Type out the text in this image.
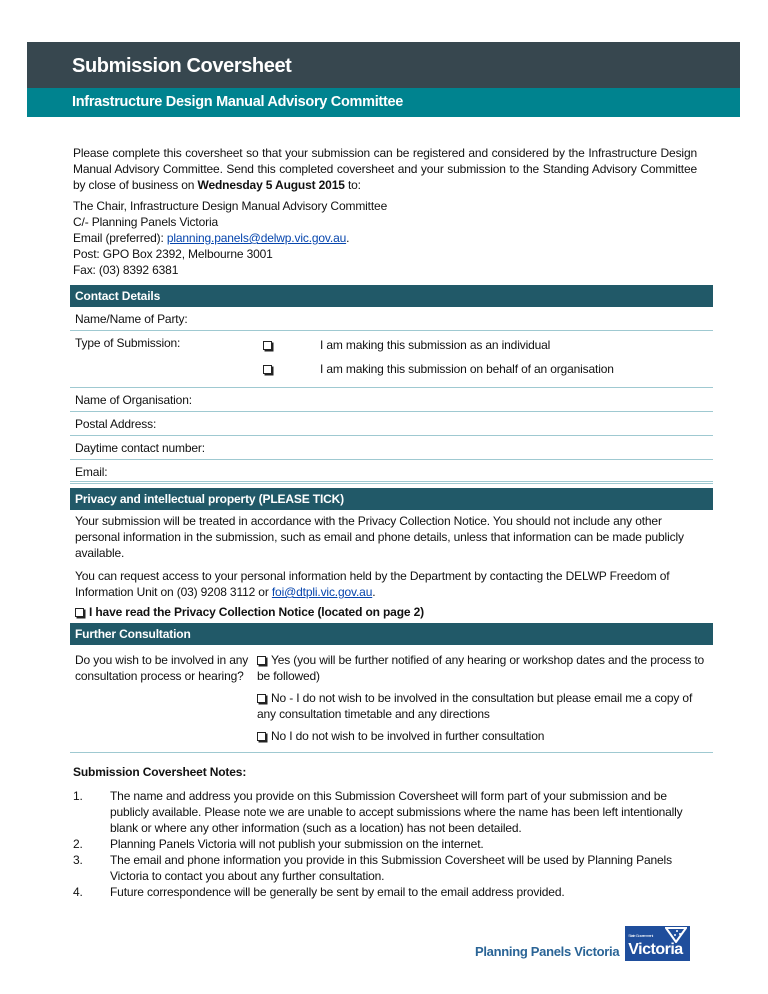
Submission Coversheet
Infrastructure Design Manual Advisory Committee
Please complete this coversheet so that your submission can be registered and considered by the Infrastructure Design Manual Advisory Committee. Send this completed coversheet and your submission to the Standing Advisory Committee by close of business on Wednesday 5 August 2015 to:
The Chair, Infrastructure Design Manual Advisory Committee
C/- Planning Panels Victoria
Email (preferred): planning.panels@delwp.vic.gov.au.
Post: GPO Box 2392, Melbourne 3001
Fax: (03) 8392 6381
Contact Details
Name/Name of Party:
Type of Submission:	I am making this submission as an individual
I am making this submission on behalf of an organisation
Name of Organisation:
Postal Address:
Daytime contact number:
Email:
Privacy and intellectual property (PLEASE TICK)
Your submission will be treated in accordance with the Privacy Collection Notice. You should not include any other personal information in the submission, such as email and phone details, unless that information can be made publicly available.
You can request access to your personal information held by the Department by contacting the DELWP Freedom of Information Unit on (03) 9208 3112 or foi@dtpli.vic.gov.au.
I have read the Privacy Collection Notice (located on page 2)
Further Consultation
Do you wish to be involved in any consultation process or hearing?
Yes (you will be further notified of any hearing or workshop dates and the process to be followed)
No - I do not wish to be involved in the consultation but please email me a copy of any consultation timetable and any directions
No I do not wish to be involved in further consultation
Submission Coversheet Notes:
1. The name and address you provide on this Submission Coversheet will form part of your submission and be publicly available. Please note we are unable to accept submissions where the name has been left intentionally blank or where any other information (such as a location) has not been detailed.
2. Planning Panels Victoria will not publish your submission on the internet.
3. The email and phone information you provide in this Submission Coversheet will be used by Planning Panels Victoria to contact you about any further consultation.
4. Future correspondence will be generally be sent by email to the email address provided.
Planning Panels Victoria
State Government
Victoria
